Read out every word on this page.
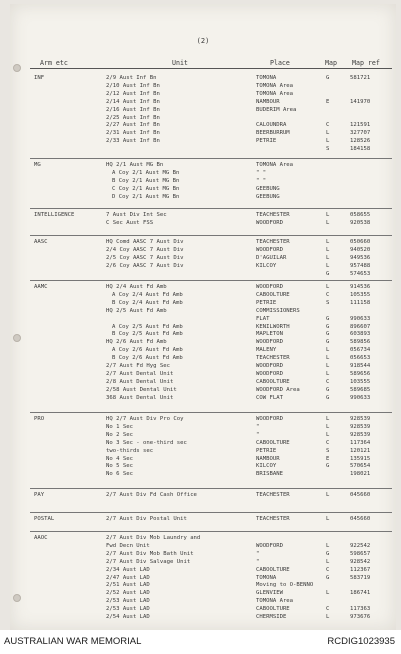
(2)
Arm etc	Unit	Place	Map Map ref
INF	2/9 Aust Inf Bn	TOMONA	G	581721
2/10 Aust Inf Bn	TOMONA Area
2/12 Aust Inf Bn	TOMONA Area
2/14 Aust Inf Bn	NAMBOUR	E	141970
2/16 Aust Inf Bn	BUDERIM Area
2/25 Aust Inf Bn
2/27 Aust Inf Bn	CALOUNDRA	C	121591
2/31 Aust Inf Bn	BEERBURRUM	L	327707
2/33 Aust Inf Bn	PETRIE	L	128526
S	184158
MG	HQ 2/1 Aust MG Bn	TOMONA Area
A Coy 2/1 Aust MG Bn	" "
B Coy 2/1 Aust MG Bn	" "
C Coy 2/1 Aust MG Bn	GEEBUNG
D Coy 2/1 Aust MG Bn	GEEBUNG
INTELLIGENCE	7 Aust Div Int Sec	TEACHESTER	L	058655
C Sec Aust FSS	WOODFORD	L	920538
AASC	HQ Comd AASC 7 Aust Div	TEACHESTER	L	050660
2/4 Coy AASC 7 Aust Div	WOODFORD	L	940520
2/5 Coy AASC 7 Aust Div	D'AGUILAR	L	949536
2/6 Coy AASC 7 Aust Div	KILCOY	L	957488
G	574653
AAMC	HQ 2/4 Aust Fd Amb	WOODFORD	L	914536
A Coy 2/4 Aust Fd Amb	CABOOLTURE	C	105355
B Coy 2/4 Aust Fd Amb	PETRIE	S	111158
HQ 2/5 Aust Fd Amb	COMMISSIONERS
FLAT	G	990633
A Coy 2/5 Aust Fd Amb	KENILWORTH	G	896607
B Coy 2/5 Aust Fd Amb	MAPLETON	G	603893
HQ 2/6 Aust Fd Amb	WOODFORD	G	589856
A Coy 2/6 Aust Fd Amb	MALENY	L	056734
B Coy 2/6 Aust Fd Amb	TEACHESTER	L	056653
2/7 Aust Fd Hyg Sec	WOODFORD	L	918544
2/7 Aust Dental Unit	WOODFORD	L	589656
2/8 Aust Dental Unit	CABOOLTURE	C	103555
2/58 Aust Dental Unit	WOODFORD Area	G	589685
368 Aust Dental Unit	COW FLAT	G	990633
PRO	HQ 2/7 Aust Div Pro Coy	WOODFORD	L	928539
No 1 Sec	"	L	928539
No 2 Sec	"	L	928539
No 3 Sec - one-third sec	CABOOLTURE	C	117364
two-thirds sec	PETRIE	S	120121
No 4 Sec	NAMBOUR	E	135915
No 5 Sec	KILCOY	G	570654
No 6 Sec	BRISBANE	198021
PAY	2/7 Aust Div Fd Cash Office	TEACHESTER	L	045660
POSTAL	2/7 Aust Div Postal Unit	TEACHESTER	L	045660
AAOC	2/7 Aust Div Mob Laundry and
Fwd Decn Unit	WOODFORD	L	922542
2/7 Aust Div Mob Bath Unit	"	G	598657
2/7 Aust Div Salvage Unit	"	L	928542
2/34 Aust LAD	CABOOLTURE	C	112367
2/47 Aust LAD	TOMONA	G	583719
2/51 Aust LAD	Moving to O-BENNO
2/52 Aust LAD	GLENVIEW	L	186741
2/53 Aust LAD	TOMONA Area
2/53 Aust LAD	CABOOLTURE	C	117363
2/54 Aust LAD	CHERMSIDE	L	973676
AUSTRALIAN WAR MEMORIAL	RCDIG1023935
